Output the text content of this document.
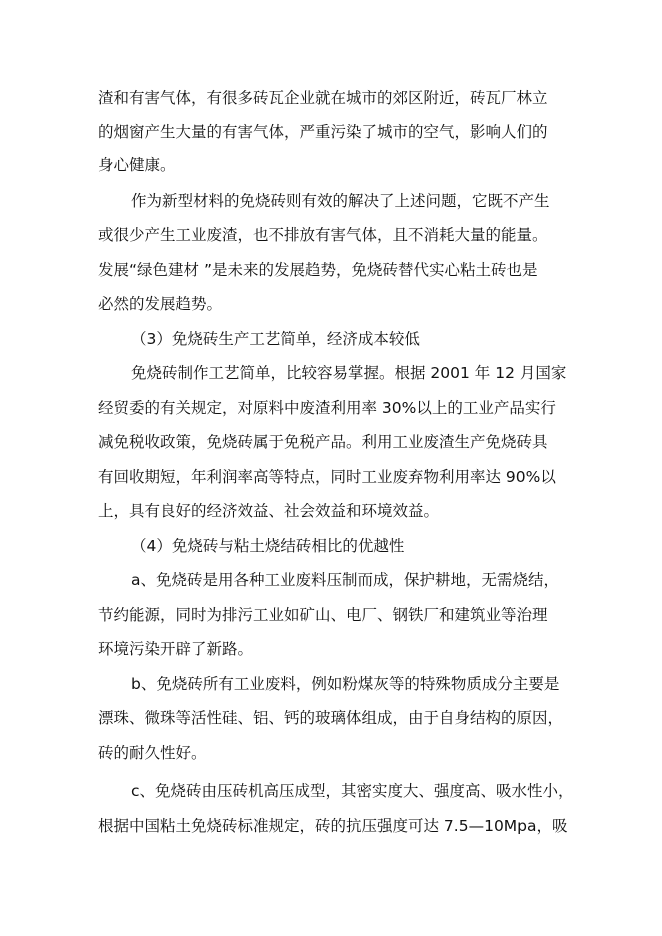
渣和有害气体，有很多砖瓦企业就在城市的郊区附近，砖瓦厂林立
的烟窗产生大量的有害气体，严重污染了城市的空气，影响人们的
身心健康。
作为新型材料的免烧砖则有效的解决了上述问题，它既不产生
或很少产生工业废渣，也不排放有害气体，且不消耗大量的能量。
发展“绿色建材 ”是未来的发展趋势，免烧砖替代实心粘土砖也是
必然的发展趋势。
（3）免烧砖生产工艺简单，经济成本较低
免烧砖制作工艺简单，比较容易掌握。根据 2001 年 12 月国家
经贸委的有关规定，对原料中废渣利用率 30%以上的工业产品实行
减免税收政策，免烧砖属于免税产品。利用工业废渣生产免烧砖具
有回收期短，年利润率高等特点，同时工业废弃物利用率达 90%以
上，具有良好的经济效益、社会效益和环境效益。
（4）免烧砖与粘土烧结砖相比的优越性
a、免烧砖是用各种工业废料压制而成，保护耕地，无需烧结，
节约能源，同时为排污工业如矿山、电厂、钢铁厂和建筑业等治理
环境污染开辟了新路。
b、免烧砖所有工业废料，例如粉煤灰等的特殊物质成分主要是
漂珠、微珠等活性硅、铝、钙的玻璃体组成，由于自身结构的原因，
砖的耐久性好。
c、免烧砖由压砖机高压成型，其密实度大、强度高、吸水性小，
根据中国粘土免烧砖标准规定，砖的抗压强度可达 7.5—10Mpa，吸
